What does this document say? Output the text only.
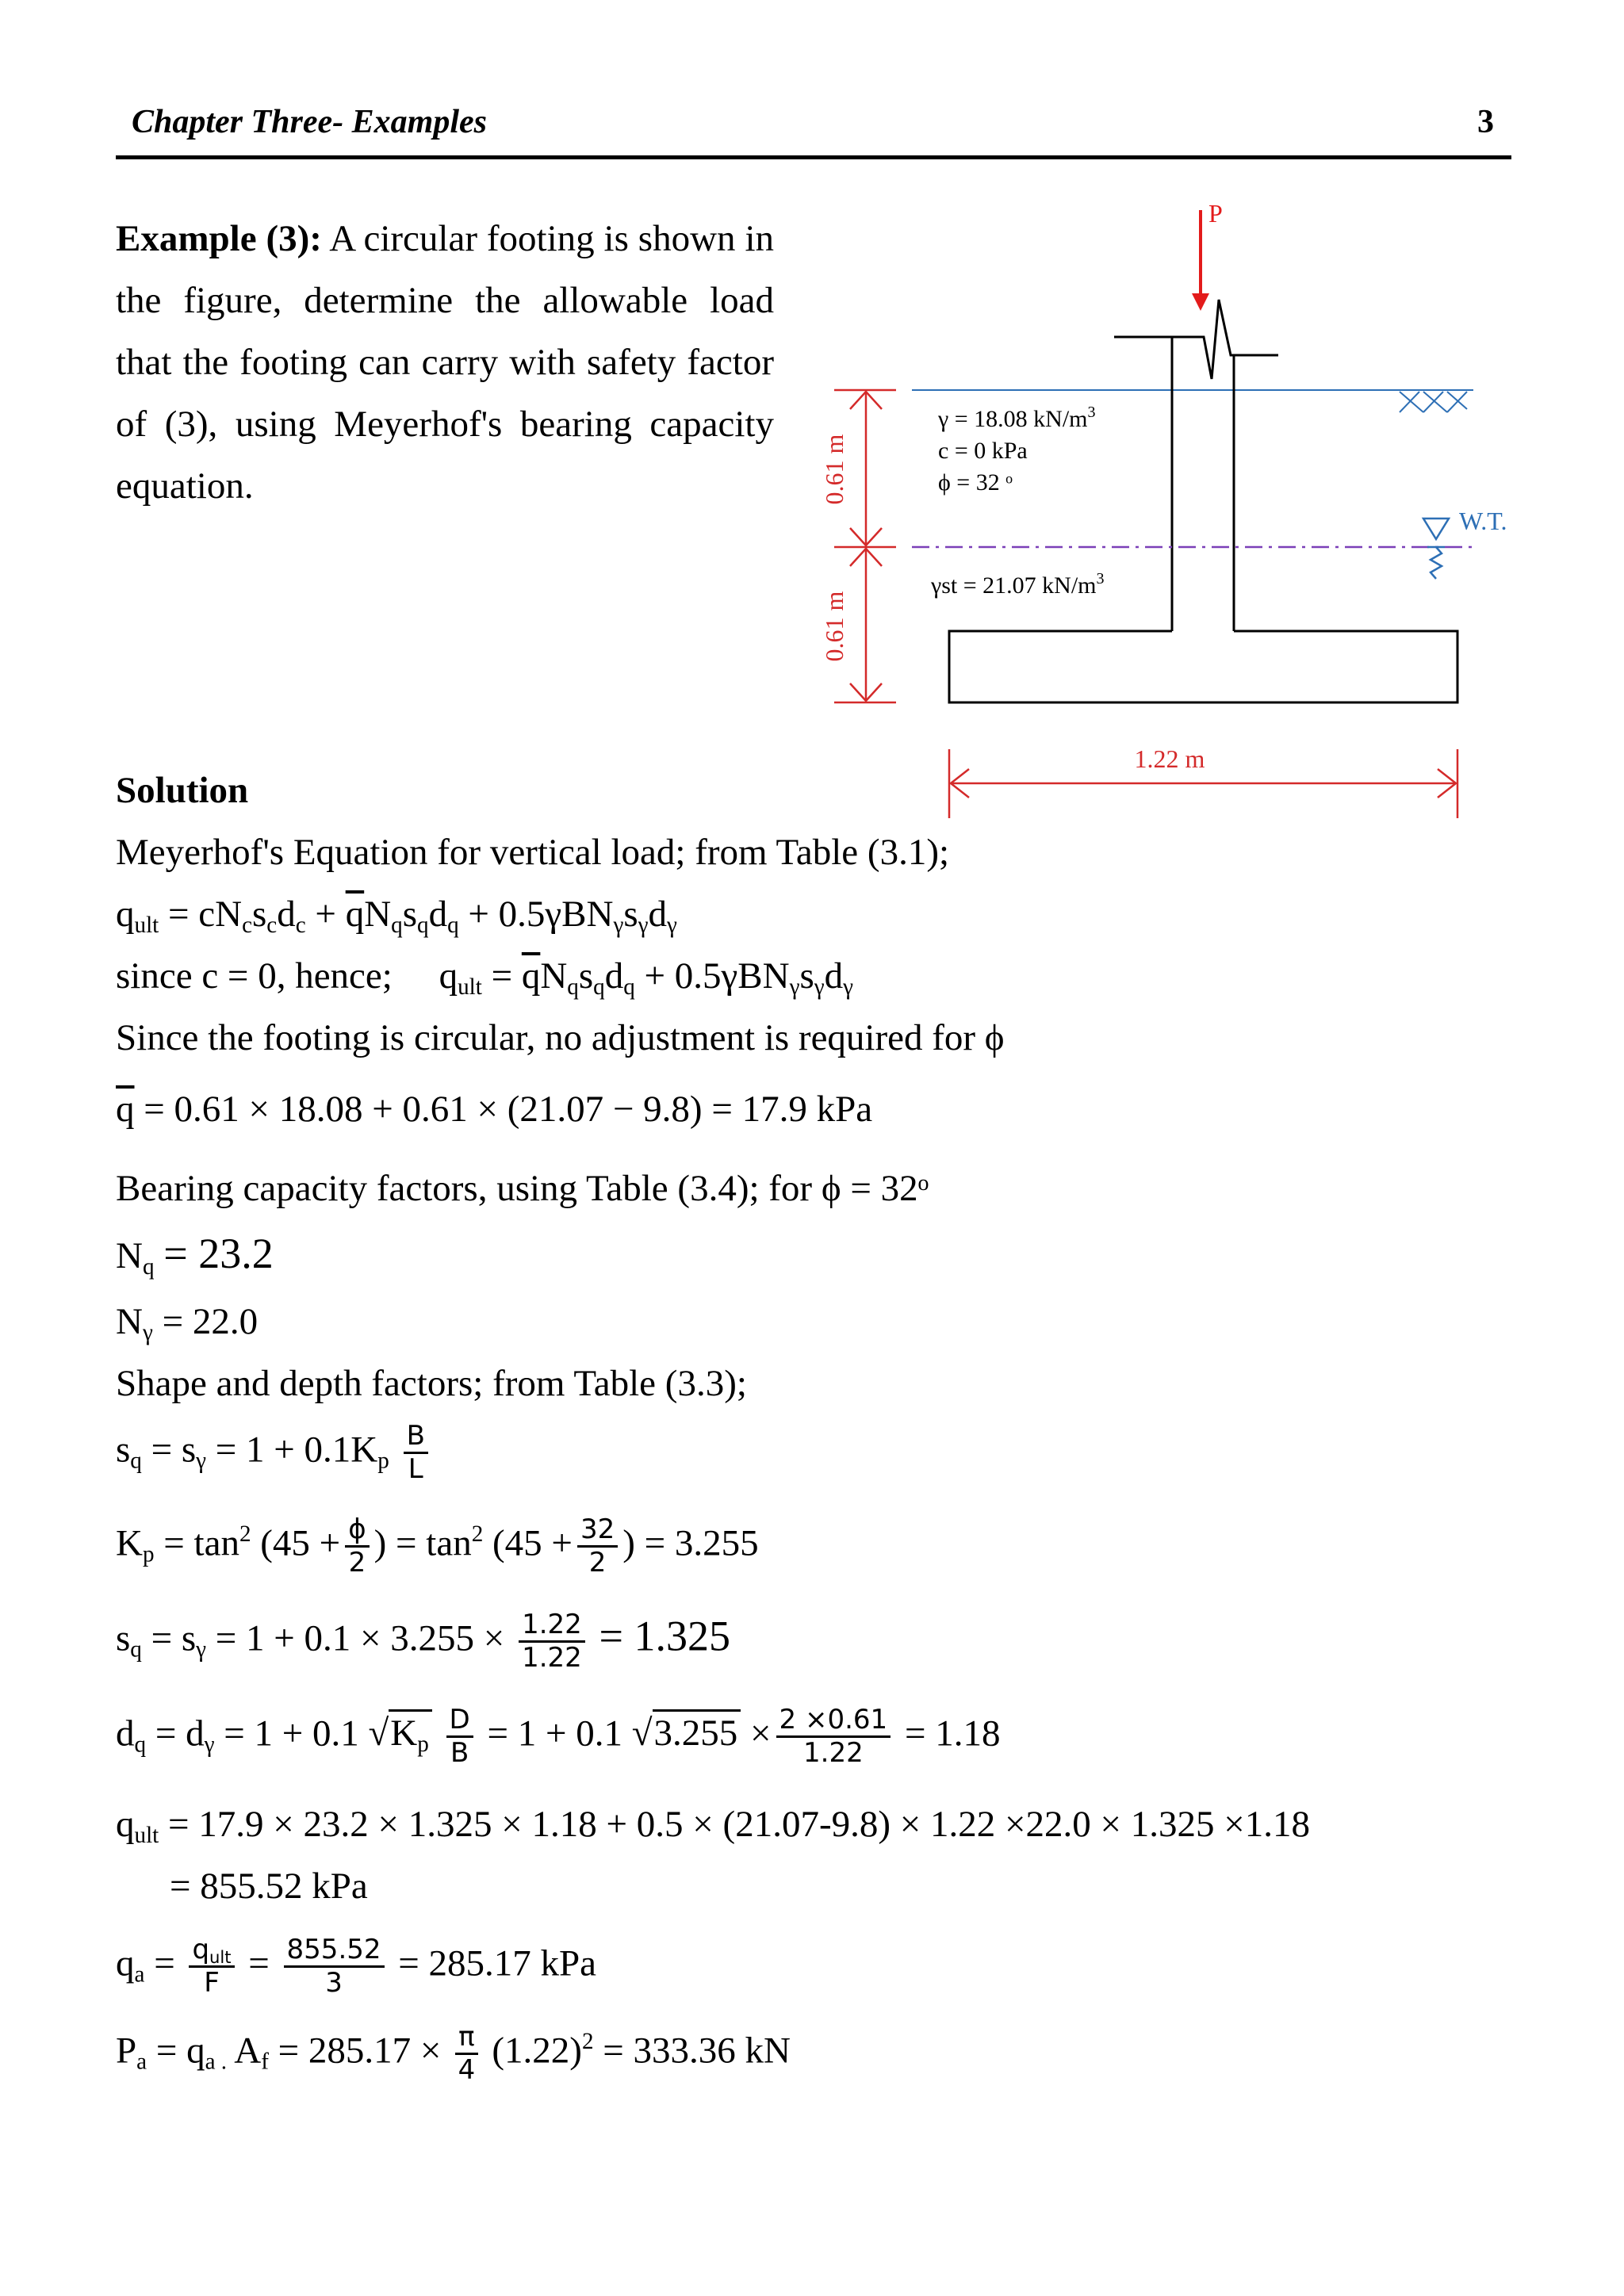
Chapter Three- Examples	3
Example (3): A circular footing is shown in the figure, determine the allowable load that the footing can carry with safety factor of (3), using Meyerhof's bearing capacity equation.
P
W.T.
γ = 18.08 $kN/m^3$
c = 0 kPa
ϕ = 32 ᵒ
γst = 21.07 $kN/m^3$
0.61 m
0.61 m
1.22 m
Solution
Meyerhof's Equation for vertical load; from Table (3.1);
$q_{ult} = cN_cs_cd_c + \overline{q}N_qs_qd_q + 0.5\gamma BN_\gamma s_\gamma d_\gamma$
since c = 0, hence;     $q_{ult} = \overline{q}N_qs_qd_q + 0.5\gamma BN_\gamma s_\gamma d_\gamma$
Since the footing is circular, no adjustment is required for ϕ
$\overline{q} = 0.61 \times 18.08 + 0.61 \times (21.07 - 9.8) = 17.9$ kPa
Bearing capacity factors, using Table (3.4); for ϕ = 32ᵒ
$N_q = 23.2$
$N_\gamma = 22.0$
Shape and depth factors; from Table (3.3);
$s_q = s_\gamma = 1 + 0.1K_p \frac{B}{L}$
$K_p = \tan^2 (45 + \frac{\phi}{2}$ ) = $\tan^2 (45 + \frac{32}{2}$ ) = 3.255
$s_q = s_\gamma = 1 + 0.1 \times 3.255 \times \frac{1.22}{1.22} = 1.325$
$d_q = d_\gamma = 1 + 0.1$ $√K_p \frac{D}{B} = 1 + 0.1$ $√3.255 \times \frac{2 \times 0.61}{1.22} = 1.18$
$q_{ult} = 17.9 \times 23.2 \times 1.325 \times 1.18 + 0.5 \times (21.07-9.8) \times 1.22 \times 22.0 \times 1.325 \times 1.18$
= 855.52 kPa
$q_a = \frac{q_{ult}}{F} = \frac{855.52}{3} = 285.17$ kPa
$P_a = q_{a .}$ $A_f = 285.17 \times \frac{\pi}{4} (1.22)^2 = 333.36$ kN
